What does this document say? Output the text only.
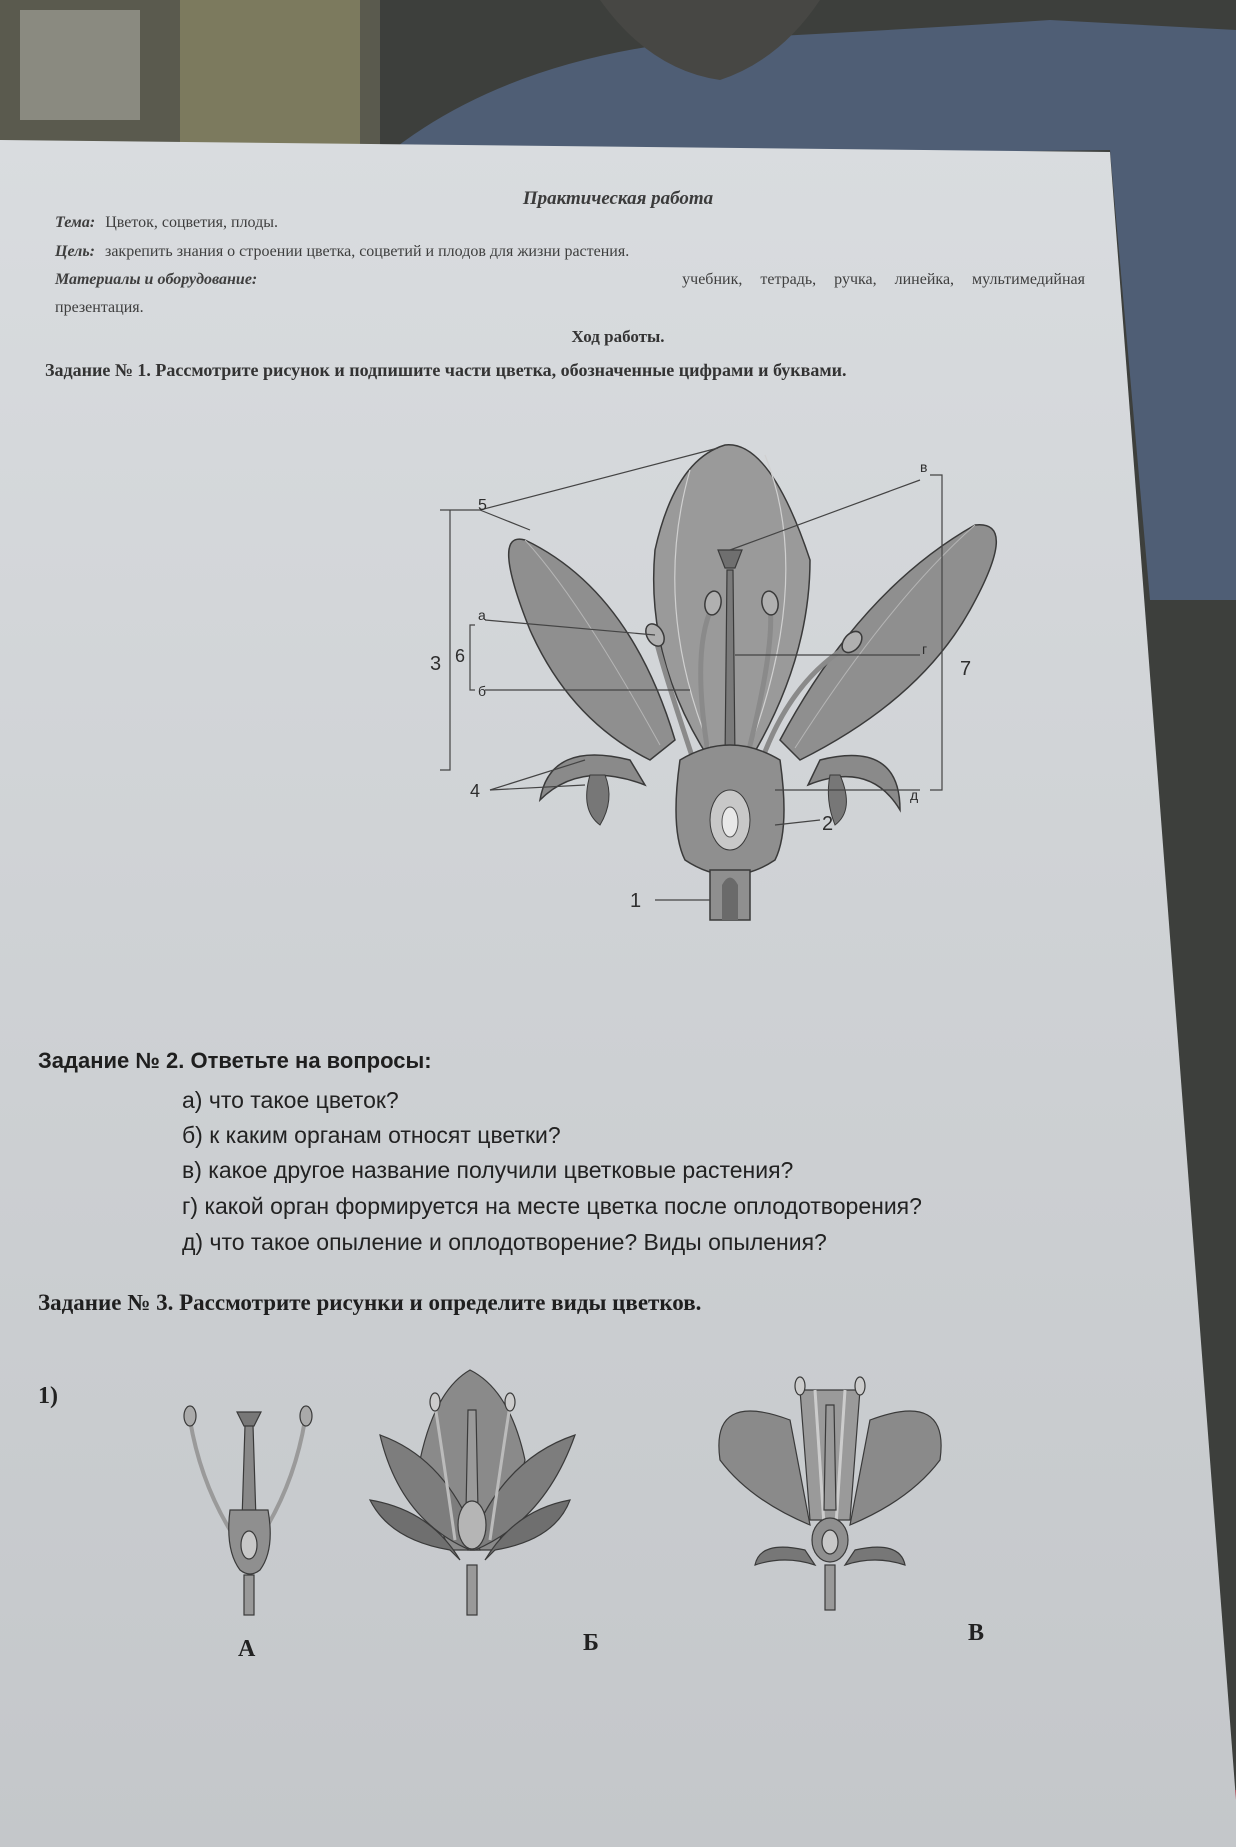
Практическая работа
Тема: Цветок, соцветия, плоды.
Цель: закрепить знания о строении цветка, соцветий и плодов для жизни растения.
Материалы и оборудование:	учебник, тетрадь, ручка, линейка, мультимедийная
презентация.
Ход работы.
Задание № 1. Рассмотрите рисунок и подпишите части цветка, обозначенные цифрами и буквами.
5
3 6
а
б
4
в
г
7
д
2
1
Задание № 2. Ответьте на вопросы:
а) что такое цветок?
б) к каким органам относят цветки?
в) какое другое название получили цветковые растения?
г) какой орган формируется на месте цветка после оплодотворения?
д) что такое опыление и оплодотворение? Виды опыления?
Задание № 3. Рассмотрите рисунки и определите виды цветков.
1)
А	Б	В
